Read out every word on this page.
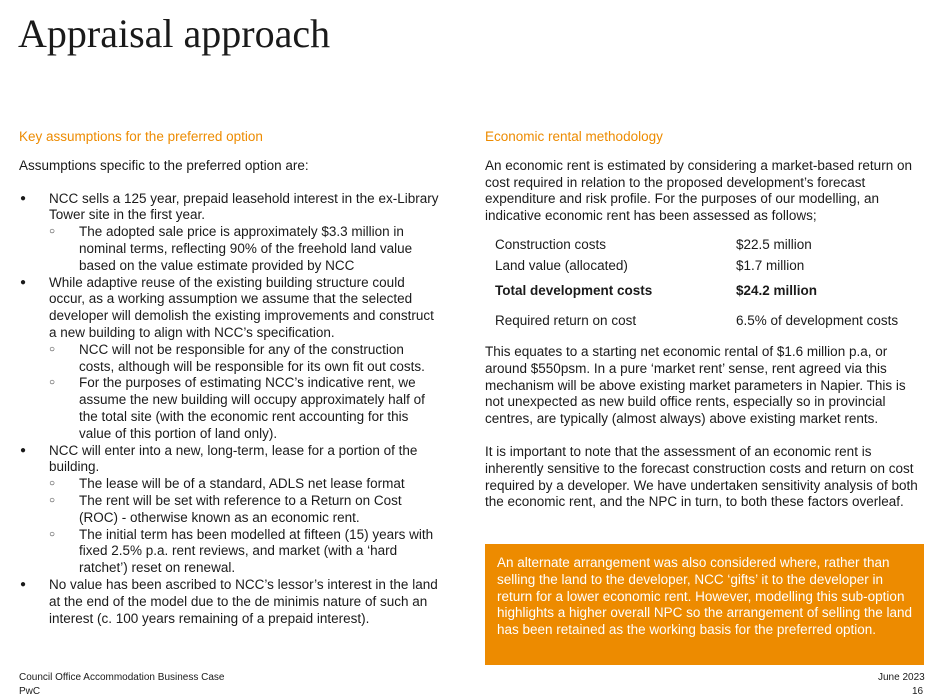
Appraisal approach
Key assumptions for the preferred option

Assumptions specific to the preferred option are:

● NCC sells a 125 year, prepaid leasehold interest in the ex-Library Tower site in the first year.
○ The adopted sale price is approximately $3.3 million in nominal terms, reflecting 90% of the freehold land value based on the value estimate provided by NCC
● While adaptive reuse of the existing building structure could occur, as a working assumption we assume that the selected developer will demolish the existing improvements and construct a new building to align with NCC’s specification.
○ NCC will not be responsible for any of the construction costs, although will be responsible for its own fit out costs.
○ For the purposes of estimating NCC’s indicative rent, we assume the new building will occupy approximately half of the total site (with the economic rent accounting for this value of this portion of land only).
● NCC will enter into a new, long-term, lease for a portion of the building.
○ The lease will be of a standard, ADLS net lease format
○ The rent will be set with reference to a Return on Cost (ROC) - otherwise known as an economic rent.
○ The initial term has been modelled at fifteen (15) years with fixed 2.5% p.a. rent reviews, and market (with a ‘hard ratchet’) reset on renewal.
● No value has been ascribed to NCC’s lessor’s interest in the land at the end of the model due to the de minimis nature of such an interest (c. 100 years remaining of a prepaid interest).
Economic rental methodology

An economic rent is estimated by considering a market-based return on cost required in relation to the proposed development’s forecast expenditure and risk profile. For the purposes of our modelling, an indicative economic rent has been assessed as follows;

Construction costs	$22.5 million
Land value (allocated)	$1.7 million
Total development costs	$24.2 million
Required return on cost	6.5% of development costs

This equates to a starting net economic rental of $1.6 million p.a, or around $550psm. In a pure ‘market rent’ sense, rent agreed via this mechanism will be above existing market parameters in Napier. This is not unexpected as new build office rents, especially so in provincial centres, are typically (almost always) above existing market rents.

It is important to note that the assessment of an economic rent is inherently sensitive to the forecast construction costs and return on cost required by a developer. We have undertaken sensitivity analysis of both the economic rent, and the NPC in turn, to both these factors overleaf.

An alternate arrangement was also considered where, rather than selling the land to the developer, NCC ‘gifts’ it to the developer in return for a lower economic rent. However, modelling this sub-option highlights a higher overall NPC so the arrangement of selling the land has been retained as the working basis for the preferred option.
Council Office Accommodation Business Case	June 2023
PwC	16
